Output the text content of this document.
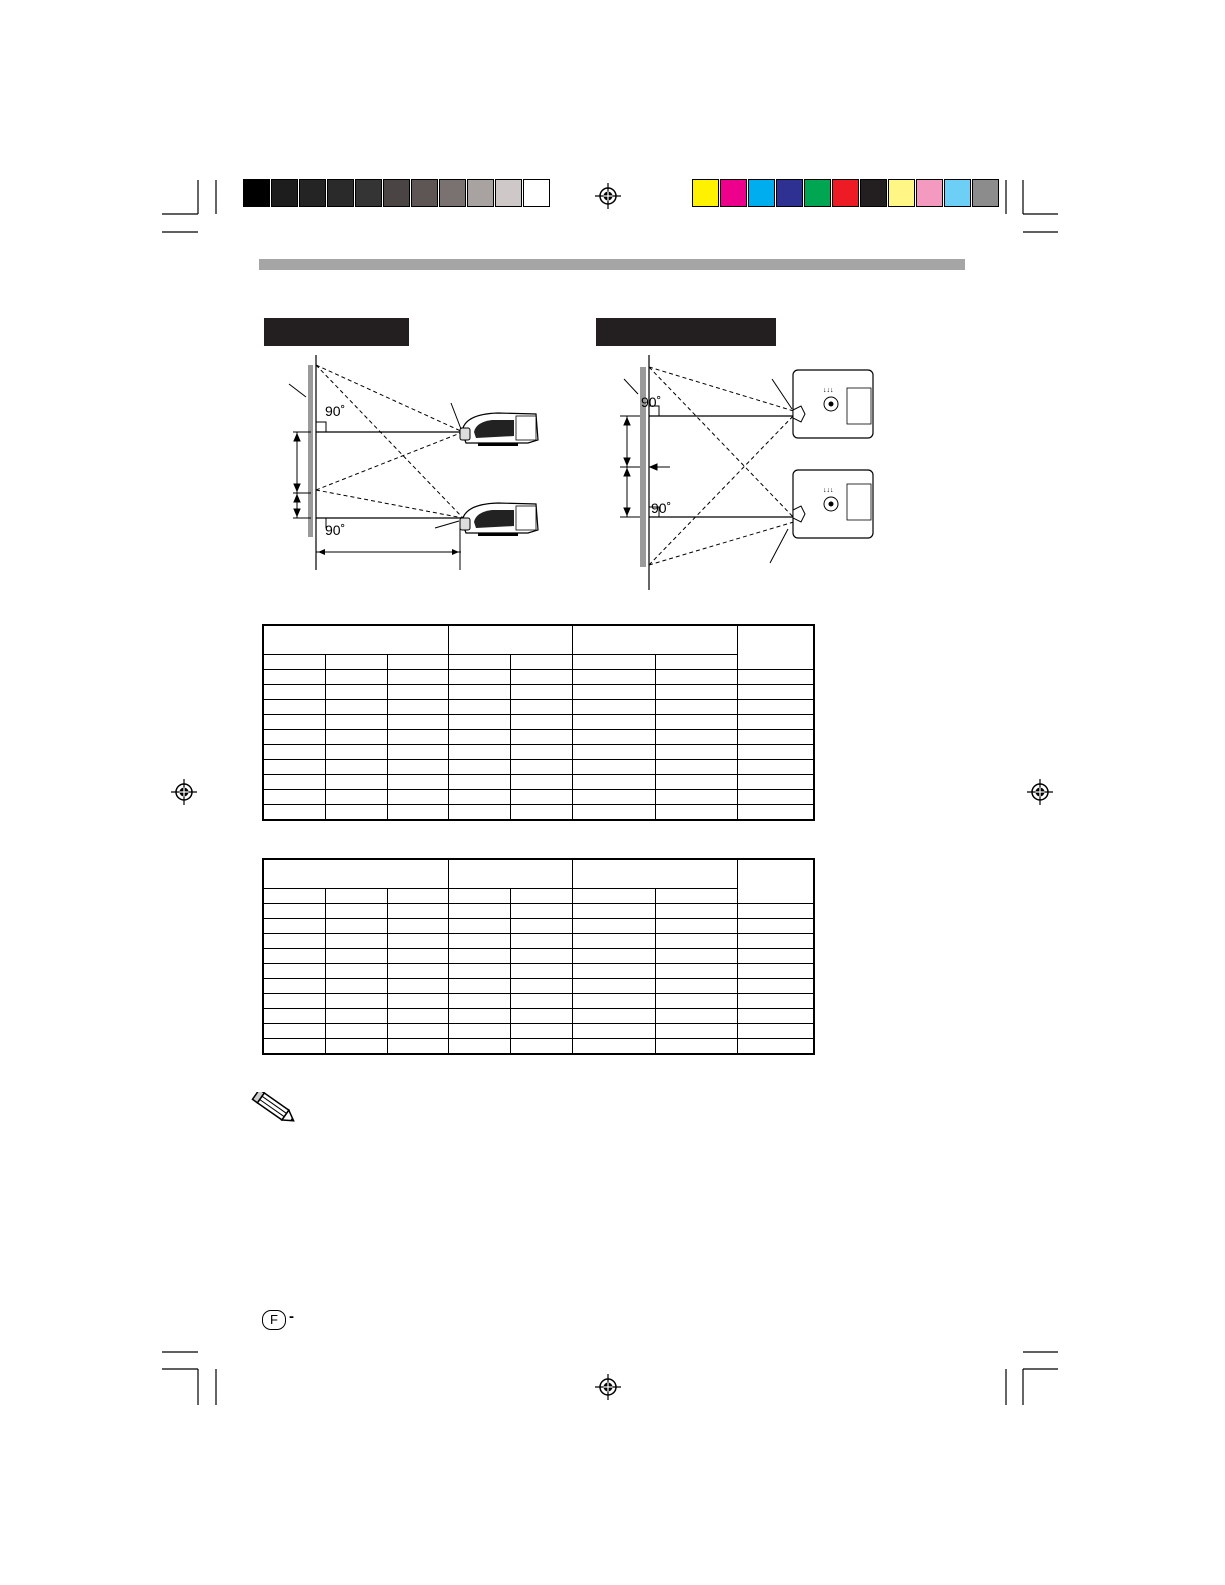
90˚
90˚
90˚
90˚
↓↓↓
↓↓↓

F -
